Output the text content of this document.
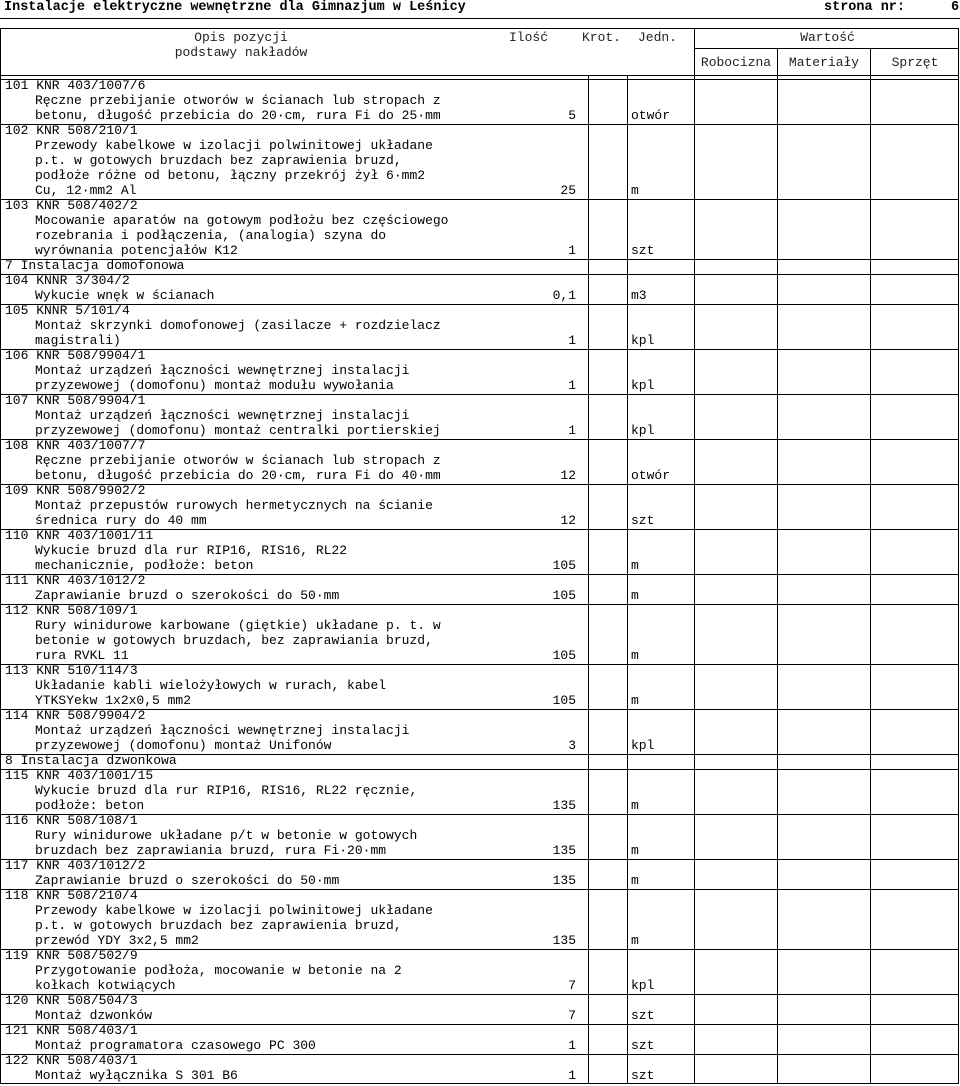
Instalacje elektryczne wewnętrzne dla Gimnazjum w Leśnicy	strona nr:	6
Opis pozycji
podstawy nakładów
Ilość	Krot. Jedn.	Wartość
Robocizna	Materiały	Sprzęt
101 KNR 403/1007/6
Ręczne przebijanie otworów w ścianach lub stropach z
betonu, długość przebicia do 20·cm, rura Fi do 25·mm	5	otwór
102 KNR 508/210/1
Przewody kabelkowe w izolacji polwinitowej układane
p.t. w gotowych bruzdach bez zaprawienia bruzd,
podłoże różne od betonu, łączny przekrój żył 6·mm2
Cu, 12·mm2 Al	25	m
103 KNR 508/402/2
Mocowanie aparatów na gotowym podłożu bez częściowego
rozebrania i podłączenia, (analogia) szyna do
wyrównania potencjałów K12	1	szt
7 Instalacja domofonowa
104 KNNR 3/304/2
Wykucie wnęk w ścianach	0,1	m3
105 KNNR 5/101/4
Montaż skrzynki domofonowej (zasilacze + rozdzielacz
magistrali)	1	kpl
106 KNR 508/9904/1
Montaż urządzeń łączności wewnętrznej instalacji
przyzewowej (domofonu) montaż modułu wywołania	1	kpl
107 KNR 508/9904/1
Montaż urządzeń łączności wewnętrznej instalacji
przyzewowej (domofonu) montaż centralki portierskiej	1	kpl
108 KNR 403/1007/7
Ręczne przebijanie otworów w ścianach lub stropach z
betonu, długość przebicia do 20·cm, rura Fi do 40·mm	12	otwór
109 KNR 508/9902/2
Montaż przepustów rurowych hermetycznych na ścianie
średnica rury do 40 mm	12	szt
110 KNR 403/1001/11
Wykucie bruzd dla rur RIP16, RIS16, RL22
mechanicznie, podłoże: beton	105	m
111 KNR 403/1012/2
Zaprawianie bruzd o szerokości do 50·mm	105	m
112 KNR 508/109/1
Rury winidurowe karbowane (giętkie) układane p. t. w
betonie w gotowych bruzdach, bez zaprawiania bruzd,
rura RVKL 11	105	m
113 KNR 510/114/3
Układanie kabli wielożyłowych w rurach, kabel
YTKSYekw 1x2x0,5 mm2	105	m
114 KNR 508/9904/2
Montaż urządzeń łączności wewnętrznej instalacji
przyzewowej (domofonu) montaż Unifonów	3	kpl
8 Instalacja dzwonkowa
115 KNR 403/1001/15
Wykucie bruzd dla rur RIP16, RIS16, RL22 ręcznie,
podłoże: beton	135	m
116 KNR 508/108/1
Rury winidurowe układane p/t w betonie w gotowych
bruzdach bez zaprawiania bruzd, rura Fi·20·mm	135	m
117 KNR 403/1012/2
Zaprawianie bruzd o szerokości do 50·mm	135	m
118 KNR 508/210/4
Przewody kabelkowe w izolacji polwinitowej układane
p.t. w gotowych bruzdach bez zaprawienia bruzd,
przewód YDY 3x2,5 mm2	135	m
119 KNR 508/502/9
Przygotowanie podłoża, mocowanie w betonie na 2
kołkach kotwiących	7	kpl
120 KNR 508/504/3
Montaż dzwonków	7	szt
121 KNR 508/403/1
Montaż programatora czasowego PC 300	1	szt
122 KNR 508/403/1
Montaż wyłącznika S 301 B6	1	szt
